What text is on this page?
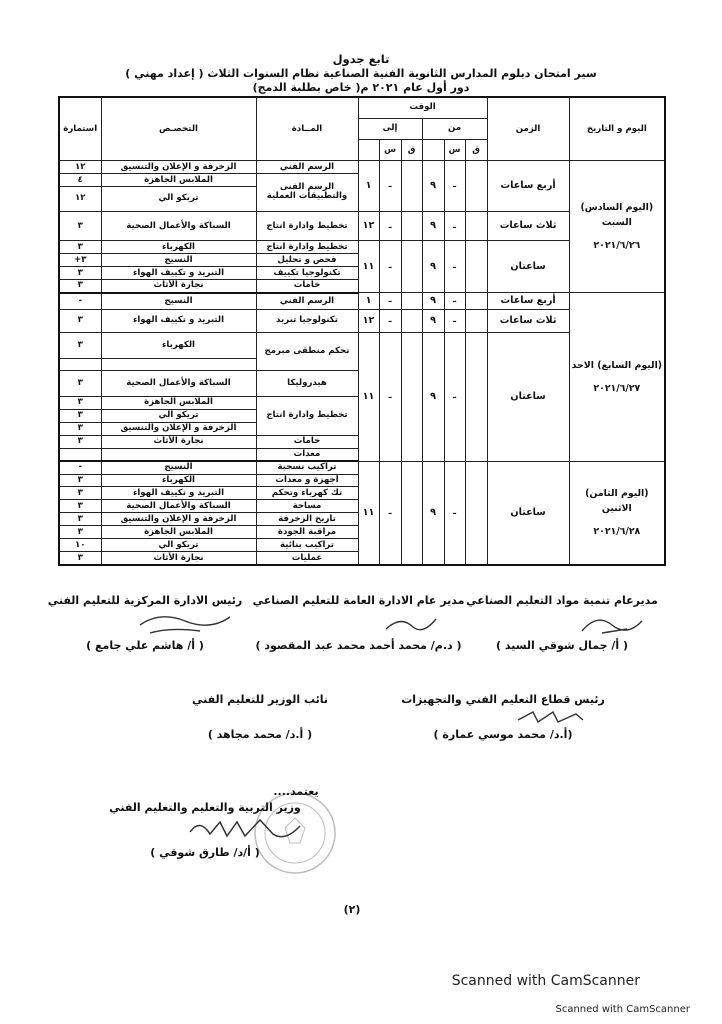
تابع جدول
سير امتحان دبلوم المدارس الثانوية الفنية الصناعية نظام السنوات الثلاث ( إعداد مهني )
دور أول عام ٢٠٢١ م( خاص بطلبة الدمج)
اليوم و التاريخ	الزمن	الوقت						المــادة	التخصـص	استمارة
		من			إلى					
		ق	س		ق	س				
(اليوم السادس) السبت
٢٠٢١/٦/٢٦	أربع ساعات		ـ	٩		ـ	١	الرسم الفني	الزخرفة و الإعلان والتنسيق	١٢
								الرسم الفنى والتطبيقات العملية	الملابس الجاهزة	٤
									تريكو الي	١٢
	ثلاث ساعات		ـ	٩		ـ	١٢	تخطيط وادارة انتاج	السباكة والأعمال الصحية	٣
	ساعتان		ـ	٩		ـ	١١	تخطيط وادارة انتاج	الكهرباء	٣
								فحص و تحليل	النسيج	٣+
								تكنولوجيا تكييف	التبريد و تكييف الهواء	٣
								خامات	نجارة الأثاث	٣
(اليوم السابع) الاحد
٢٠٢١/٦/٢٧	أربع ساعات		ـ	٩		ـ	١	الرسم الفني	النسيج	-
	ثلاث ساعات		ـ	٩		ـ	١٢	تكنولوجيا تبريد	التبريد و تكييف الهواء	٣
	ساعتان		ـ	٩		ـ	١١	تحكم منطقى مبرمج	الكهرباء	٣

								هيدروليكا	السباكة والأعمال الصحية	٣
								تخطيط وادارة انتاج	الملابس الجاهزة	٣
									تريكو الي	٣
									الزخرفة و الإعلان والتنسيق	٣
								خامات	نجارة الأثاث	٣
								معدات		
(اليوم الثامن) الاثنين
٢٠٢١/٦/٢٨	ساعتان		ـ	٩		ـ	١١	تراكيب نسجية	النسيج	-
								أجهزة و معدات	الكهرباء	٣
								تك كهرباء وتحكم	التبريد و تكييف الهواء	٣
								مساحة	السباكة والأعمال الصحية	٣
								تاريخ الزخرفة	الزخرفة و الإعلان والتنسيق	٣
								مراقبة الجودة	الملابس الجاهزة	٣
								تراكيب بنائية	تريكو الي	١٠
								عمليات	نجارة الأثاث	٣
مديرعام تنمية مواد التعليم الصناعي
( أ/ جمال شوقي السيد )
مدير عام الادارة العامة للتعليم الصناعي
( د.م/ محمد أحمد محمد عبد المقصود )
رئيس الادارة المركزية للتعليم الفني
( أ/ هاشم علي جامع )
رئيس قطاع التعليم الفني والتجهيزات
(أ.د/ محمد موسي عمارة )
نائب الوزير للتعليم الفني
( أ.د/ محمد مجاهد )
يعتمد....
وزير التربية والتعليم والتعليم الفني
( أ/د/ طارق شوقي )
(٢)
Scanned with CamScanner
Scanned with CamScanner
